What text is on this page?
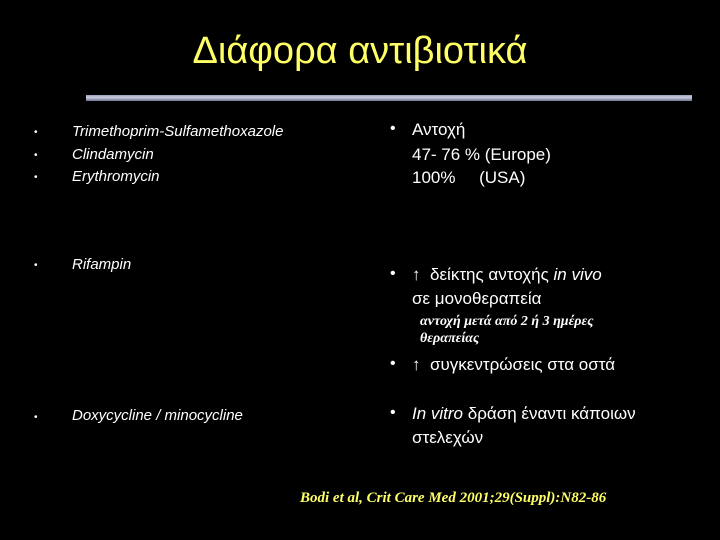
Διάφορα αντιβιοτικά
• Trimethoprim-Sulfamethoxazole
• Clindamycin
• Erythromycin
• Rifampin
• Doxycycline / minocycline
• Αντοχή
47- 76 % (Europe)
100%     (USA)
• ↑ δείκτης αντοχής in vivo
σε μονοθεραπεία
αντοχή μετά από 2 ή 3 ημέρες
θεραπείας
• ↑ συγκεντρώσεις στα οστά
• In vitro δράση έναντι κάποιων
στελεχών
Bodi et al, Crit Care Med 2001;29(Suppl):N82-86
